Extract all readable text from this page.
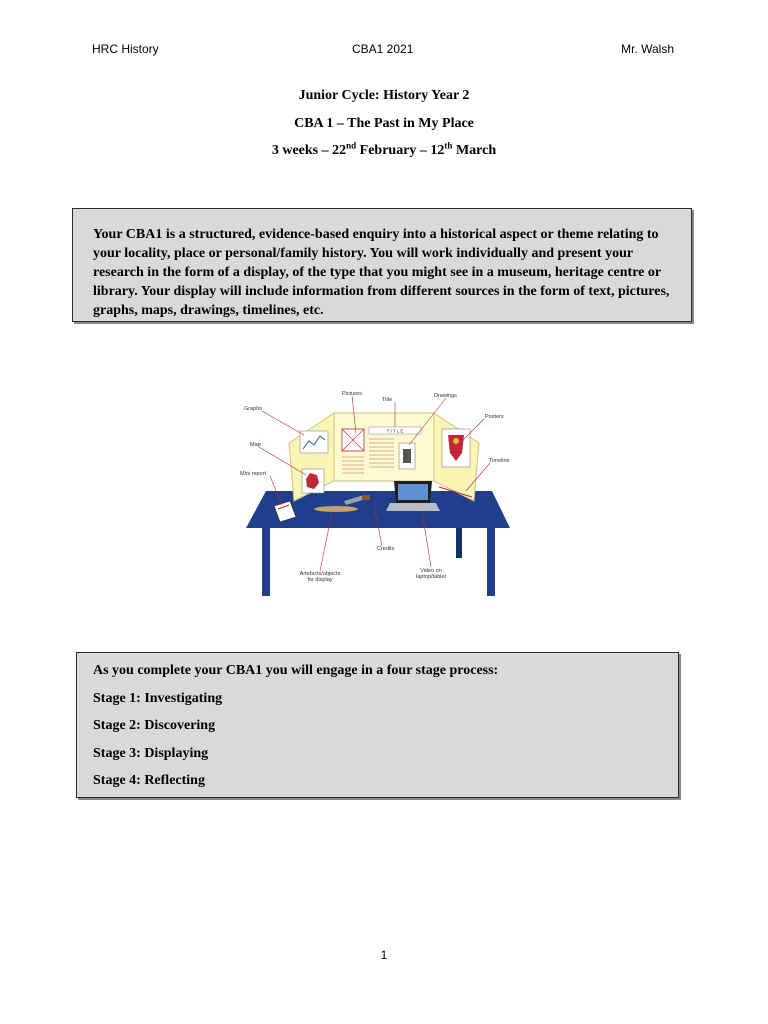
HRC History	CBA1 2021	Mr. Walsh
Junior Cycle: History Year 2
CBA 1 – The Past in My Place
3 weeks – 22nd February – 12th March
Your CBA1 is a structured, evidence-based enquiry into a historical aspect or theme relating to your locality, place or personal/family history. You will work individually and present your research in the form of a display, of the type that you might see in a museum, heritage centre or library. Your display will include information from different sources in the form of text, pictures, graphs, maps, drawings, timelines, etc.
T I T L E
Pictures
Title
Drawings
Graphs
Posters
Map
Timeline
Mini report
Credits
Artefacts/objects
for display
Video on
laptop/tablet
As you complete your CBA1 you will engage in a four stage process:
Stage 1: Investigating
Stage 2: Discovering
Stage 3: Displaying
Stage 4: Reflecting
1
